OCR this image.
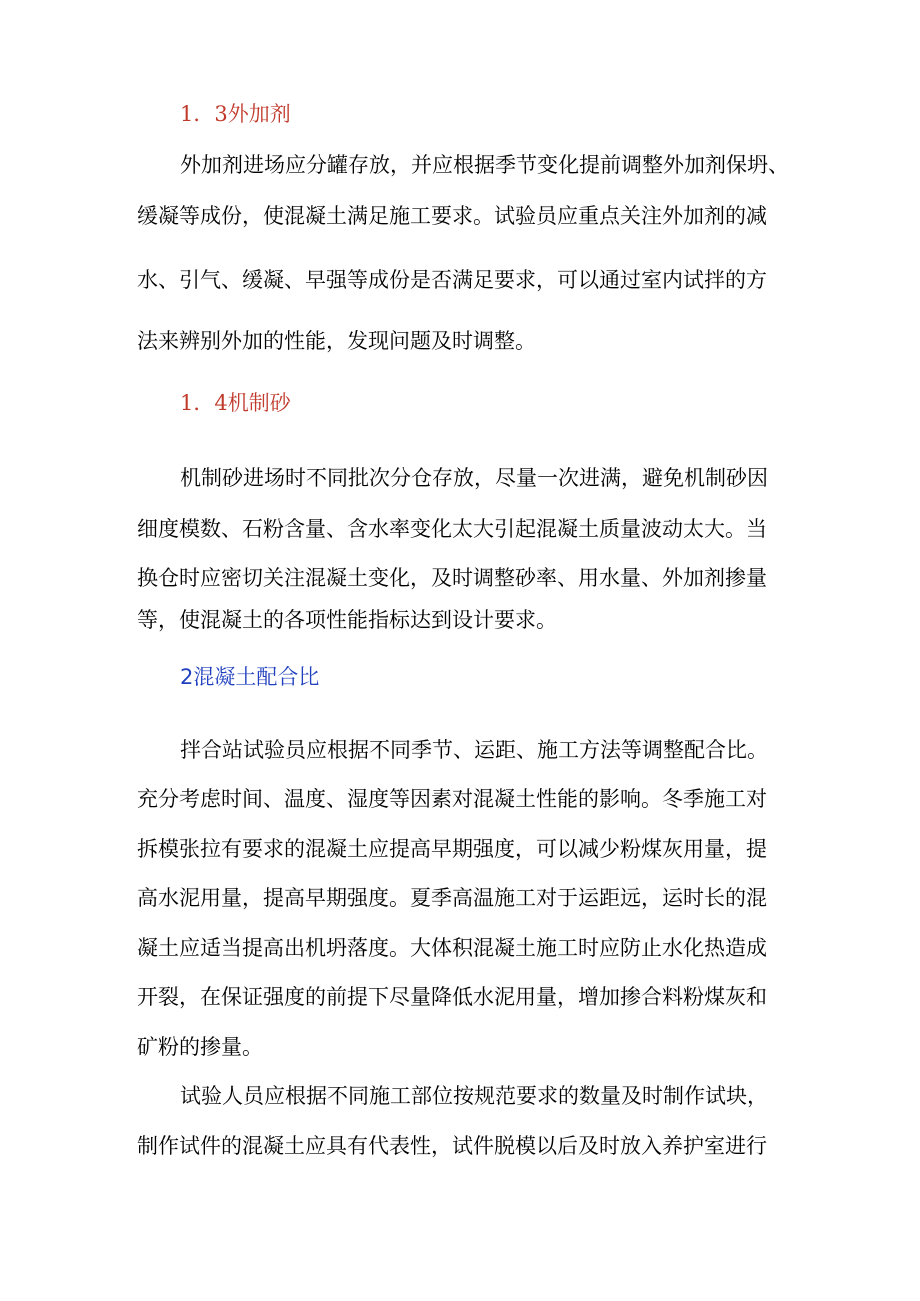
1．3外加剂

外加剂进场应分罐存放，并应根据季节变化提前调整外加剂保坍、

缓凝等成份，使混凝土满足施工要求。试验员应重点关注外加剂的减

水、引气、缓凝、早强等成份是否满足要求，可以通过室内试拌的方

法来辨别外加的性能，发现问题及时调整。

1．4机制砂

机制砂进场时不同批次分仓存放，尽量一次进满，避免机制砂因

细度模数、石粉含量、含水率变化太大引起混凝土质量波动太大。当

换仓时应密切关注混凝土变化，及时调整砂率、用水量、外加剂掺量

等，使混凝土的各项性能指标达到设计要求。

2混凝土配合比

拌合站试验员应根据不同季节、运距、施工方法等调整配合比。

充分考虑时间、温度、湿度等因素对混凝土性能的影响。冬季施工对

拆模张拉有要求的混凝土应提高早期强度，可以减少粉煤灰用量，提

高水泥用量，提高早期强度。夏季高温施工对于运距远，运时长的混

凝土应适当提高出机坍落度。大体积混凝土施工时应防止水化热造成

开裂，在保证强度的前提下尽量降低水泥用量，增加掺合料粉煤灰和

矿粉的掺量。

试验人员应根据不同施工部位按规范要求的数量及时制作试块，

制作试件的混凝土应具有代表性，试件脱模以后及时放入养护室进行
